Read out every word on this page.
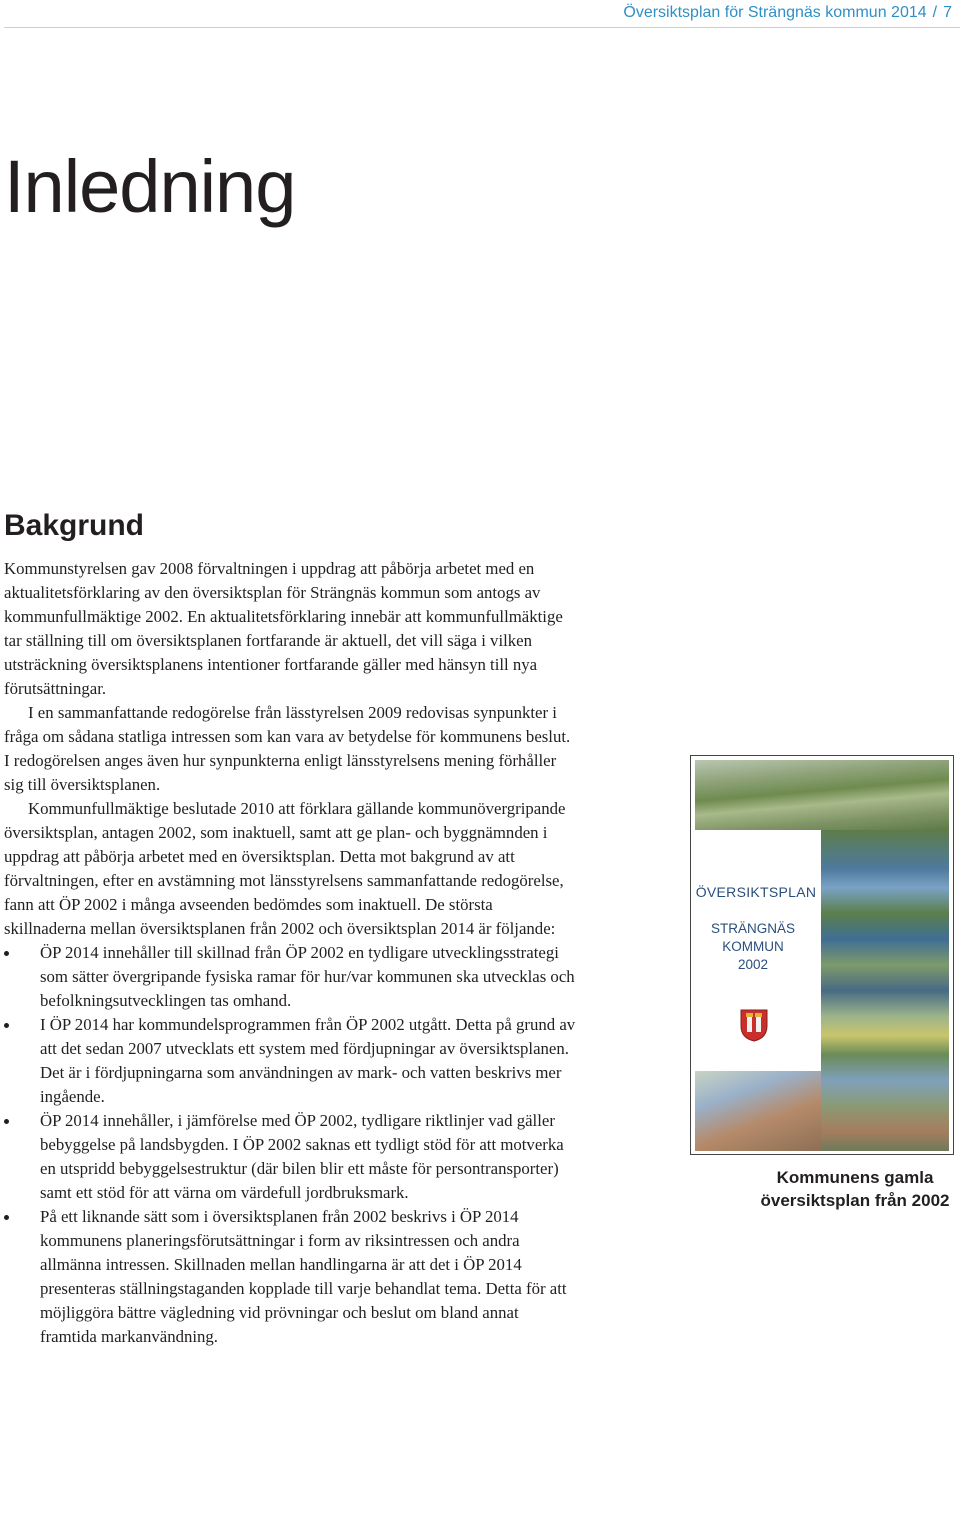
Översiktsplan för Strängnäs kommun 2014 / 7
Inledning
Bakgrund

Kommunstyrelsen gav 2008 förvaltningen i uppdrag att påbörja arbetet med en aktualitetsförklaring av den översiktsplan för Strängnäs kommun som antogs av kommunfullmäktige 2002. En aktualitetsförklaring innebär att kommunfullmäktige tar ställning till om översiktsplanen fortfarande är aktuell, det vill säga i vilken utsträckning översiktsplanens intentioner fortfarande gäller med hänsyn till nya förutsättningar.

I en sammanfattande redogörelse från lässtyrelsen 2009 redovisas synpunkter i fråga om sådana statliga intressen som kan vara av betydelse för kommunens beslut. I redogörelsen anges även hur synpunkterna enligt länsstyrelsens mening förhåller sig till översiktsplanen.

Kommunfullmäktige beslutade 2010 att förklara gällande kommunövergripande översiktsplan, antagen 2002, som inaktuell, samt att ge plan- och byggnämnden i uppdrag att påbörja arbetet med en översiktsplan. Detta mot bakgrund av att förvaltningen, efter en avstämning mot länsstyrelsens sammanfattande redogörelse, fann att ÖP 2002 i många avseenden bedömdes som inaktuell. De största skillnaderna mellan översiktsplanen från 2002 och översiktsplan 2014 är följande:

ÖP 2014 innehåller till skillnad från ÖP 2002 en tydligare utvecklingsstrategi som sätter övergripande fysiska ramar för hur/var kommunen ska utvecklas och befolkningsutvecklingen tas omhand.
I ÖP 2014 har kommundelsprogrammen från ÖP 2002 utgått. Detta på grund av att det sedan 2007 utvecklats ett system med fördjupningar av översiktsplanen. Det är i fördjupningarna som användningen av mark- och vatten beskrivs mer ingående.
ÖP 2014 innehåller, i jämförelse med ÖP 2002, tydligare riktlinjer vad gäller bebyggelse på landsbygden. I ÖP 2002 saknas ett tydligt stöd för att motverka en utspridd bebyggelsestruktur (där bilen blir ett måste för persontransporter) samt ett stöd för att värna om värdefull jordbruksmark.
På ett liknande sätt som i översiktsplanen från 2002 beskrivs i ÖP 2014 kommunens planeringsförutsättningar i form av riksintressen och andra allmänna intressen. Skillnaden mellan handlingarna är att det i ÖP 2014 presenteras ställningstaganden kopplade till varje behandlat tema. Detta för att möjliggöra bättre vägledning vid prövningar och beslut om bland annat framtida markanvändning.
ÖVERSIKTSPLAN
STRÄNGNÄS
KOMMUN
2002
Kommunens gamla
översiktsplan från 2002
